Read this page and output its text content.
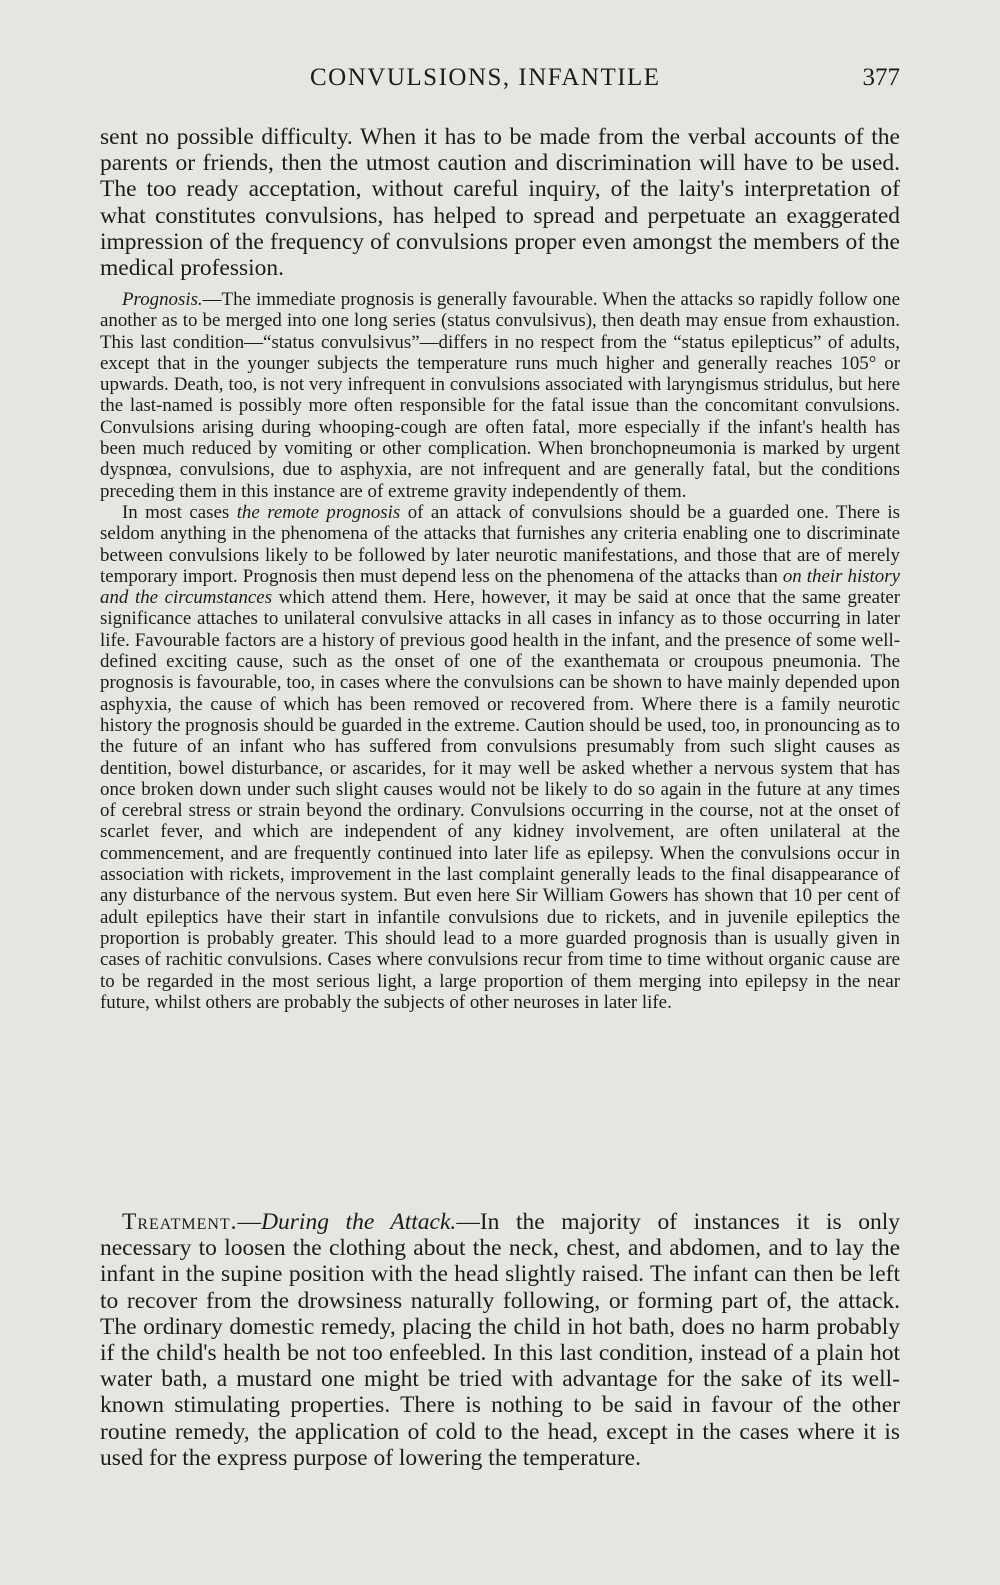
CONVULSIONS, INFANTILE	377

sent no possible difficulty. When it has to be made from the verbal accounts of the parents or friends, then the utmost caution and discrimination will have to be used. The too ready acceptation, without careful inquiry, of the laity's interpretation of what constitutes convulsions, has helped to spread and perpetuate an exaggerated impression of the frequency of convulsions proper even amongst the members of the medical profession.

Prognosis.—The immediate prognosis is generally favourable. When the attacks so rapidly follow one another as to be merged into one long series (status convulsivus), then death may ensue from exhaustion. This last condition—“status convulsivus”—differs in no respect from the “status epilepticus” of adults, except that in the younger subjects the temperature runs much higher and generally reaches 105° or upwards. Death, too, is not very infrequent in convulsions associated with laryngismus stridulus, but here the last-named is possibly more often responsible for the fatal issue than the concomitant convulsions. Convulsions arising during whooping-cough are often fatal, more especially if the infant's health has been much reduced by vomiting or other complication. When bronchopneumonia is marked by urgent dyspnœa, convulsions, due to asphyxia, are not infrequent and are generally fatal, but the conditions preceding them in this instance are of extreme gravity independently of them.

In most cases the remote prognosis of an attack of convulsions should be a guarded one. There is seldom anything in the phenomena of the attacks that furnishes any criteria enabling one to discriminate between convulsions likely to be followed by later neurotic manifestations, and those that are of merely temporary import. Prognosis then must depend less on the phenomena of the attacks than on their history and the circumstances which attend them. Here, however, it may be said at once that the same greater significance attaches to unilateral convulsive attacks in all cases in infancy as to those occurring in later life. Favourable factors are a history of previous good health in the infant, and the presence of some well-defined exciting cause, such as the onset of one of the exanthemata or croupous pneumonia. The prognosis is favourable, too, in cases where the convulsions can be shown to have mainly depended upon asphyxia, the cause of which has been removed or recovered from. Where there is a family neurotic history the prognosis should be guarded in the extreme. Caution should be used, too, in pronouncing as to the future of an infant who has suffered from convulsions presumably from such slight causes as dentition, bowel disturbance, or ascarides, for it may well be asked whether a nervous system that has once broken down under such slight causes would not be likely to do so again in the future at any times of cerebral stress or strain beyond the ordinary. Convulsions occurring in the course, not at the onset of scarlet fever, and which are independent of any kidney involvement, are often unilateral at the commencement, and are frequently continued into later life as epilepsy. When the convulsions occur in association with rickets, improvement in the last complaint generally leads to the final disappearance of any disturbance of the nervous system. But even here Sir William Gowers has shown that 10 per cent of adult epileptics have their start in infantile convulsions due to rickets, and in juvenile epileptics the proportion is probably greater. This should lead to a more guarded prognosis than is usually given in cases of rachitic convulsions. Cases where convulsions recur from time to time without organic cause are to be regarded in the most serious light, a large proportion of them merging into epilepsy in the near future, whilst others are probably the subjects of other neuroses in later life.

Treatment.—During the Attack.—In the majority of instances it is only necessary to loosen the clothing about the neck, chest, and abdomen, and to lay the infant in the supine position with the head slightly raised. The infant can then be left to recover from the drowsiness naturally following, or forming part of, the attack. The ordinary domestic remedy, placing the child in hot bath, does no harm probably if the child's health be not too enfeebled. In this last condition, instead of a plain hot water bath, a mustard one might be tried with advantage for the sake of its well-known stimulating properties. There is nothing to be said in favour of the other routine remedy, the application of cold to the head, except in the cases where it is used for the express purpose of lowering the temperature.
